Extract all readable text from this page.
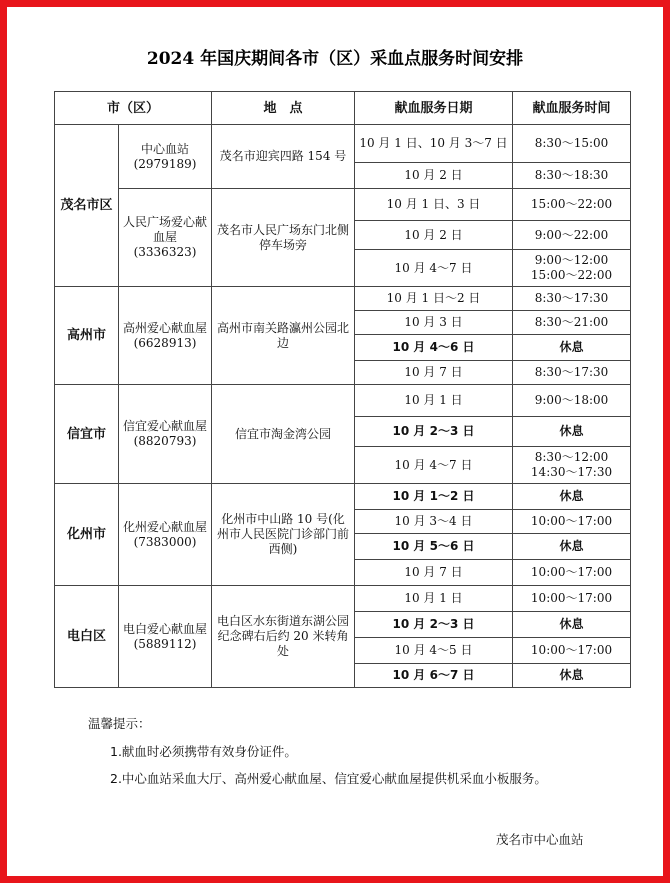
2024 年国庆期间各市（区）采血点服务时间安排
市（区）		地　点	献血服务日期	献血服务时间
茂名市区	中心血站(2979189)	茂名市迎宾四路 154 号	10 月 1 日、10 月 3～7 日	8:30～15:00
			10 月 2 日	8:30～18:30
	人民广场爱心献血屋(3336323)	茂名市人民广场东门北侧停车场旁	10 月 1 日、3 日	15:00～22:00
			10 月 2 日	9:00～22:00
			10 月 4～7 日	9:00～12:00 15:00～22:00
高州市	高州爱心献血屋(6628913)	高州市南关路瀛州公园北边	10 月 1 日～2 日	8:30～17:30
			10 月 3 日	8:30～21:00
			10 月 4～6 日	休息
			10 月 7 日	8:30～17:30
信宜市	信宜爱心献血屋(8820793)	信宜市淘金湾公园	10 月 1 日	9:00～18:00
			10 月 2～3 日	休息
			10 月 4～7 日	8:30～12:00 14:30～17:30
化州市	化州爱心献血屋(7383000)	化州市中山路 10 号(化州市人民医院门诊部门前西侧)	10 月 1～2 日	休息
			10 月 3～4 日	10:00～17:00
			10 月 5～6 日	休息
			10 月 7 日	10:00～17:00
电白区	电白爱心献血屋(5889112)	电白区水东街道东湖公园纪念碑右后约 20 米转角处	10 月 1 日	10:00～17:00
			10 月 2～3 日	休息
			10 月 4～5 日	10:00～17:00
			10 月 6～7 日	休息
温馨提示：
1.献血时必须携带有效身份证件。
2.中心血站采血大厅、高州爱心献血屋、信宜爱心献血屋提供机采血小板服务。
茂名市中心血站
